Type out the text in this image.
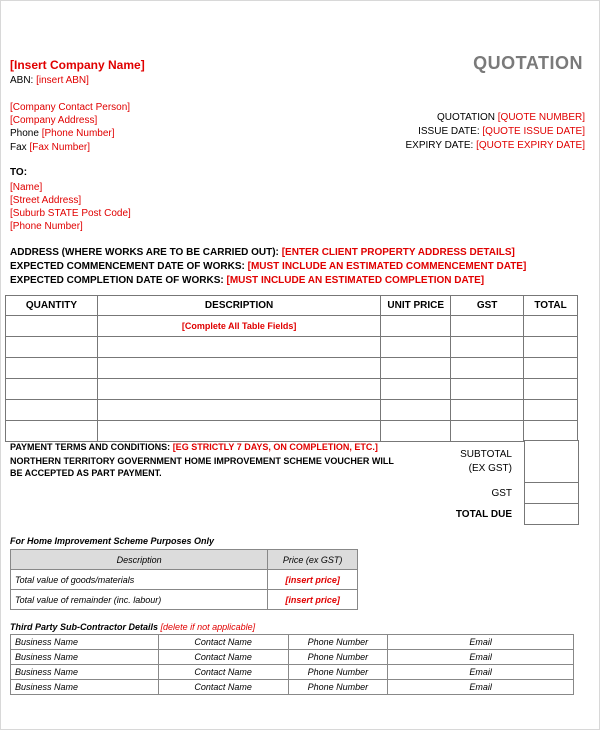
[Insert Company Name]
ABN: [insert ABN]
[Company Contact Person]
[Company Address]
Phone [Phone Number]
Fax [Fax Number]
QUOTATION
QUOTATION [QUOTE NUMBER]
ISSUE DATE: [QUOTE ISSUE DATE]
EXPIRY DATE: [QUOTE EXPIRY DATE]
TO:
[Name]
[Street Address]
[Suburb STATE Post Code]
[Phone Number]
ADDRESS (WHERE WORKS ARE TO BE CARRIED OUT): [ENTER CLIENT PROPERTY ADDRESS DETAILS]
EXPECTED COMMENCEMENT DATE OF WORKS: [MUST INCLUDE AN ESTIMATED COMMENCEMENT DATE]
EXPECTED COMPLETION DATE OF WORKS: [MUST INCLUDE AN ESTIMATED COMPLETION DATE]
QUANTITY	DESCRIPTION	UNIT PRICE	GST	TOTAL
	[Complete All Table Fields]			

PAYMENT TERMS AND CONDITIONS: [EG STRICTLY 7 DAYS, ON COMPLETION, ETC.]
NORTHERN TERRITORY GOVERNMENT HOME IMPROVEMENT SCHEME VOUCHER WILL
BE ACCEPTED AS PART PAYMENT.
SUBTOTAL
(EX GST)
GST
TOTAL DUE
For Home Improvement Scheme Purposes Only
Description	Price (ex GST)
Total value of goods/materials	[insert price]
Total value of remainder (inc. labour)	[insert price]
Third Party Sub-Contractor Details [delete if not applicable]
Business Name	Contact Name	Phone Number	Email
Business Name	Contact Name	Phone Number	Email
Business Name	Contact Name	Phone Number	Email
Business Name	Contact Name	Phone Number	Email
